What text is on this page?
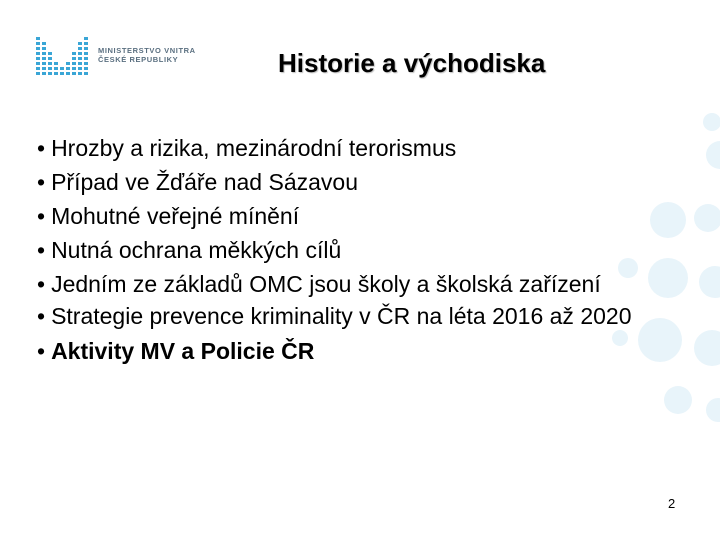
MINISTERSTVO VNITRA
ČESKÉ REPUBLIKY	Historie a východiska
• Hrozby a rizika, mezinárodní terorismus
• Případ ve Žďáře nad Sázavou
• Mohutné veřejné mínění
• Nutná ochrana měkkých cílů
• Jedním ze základů OMC jsou školy a školská zařízení
• Strategie prevence kriminality v ČR na léta 2016 až 2020
• Aktivity MV a Policie ČR
2
